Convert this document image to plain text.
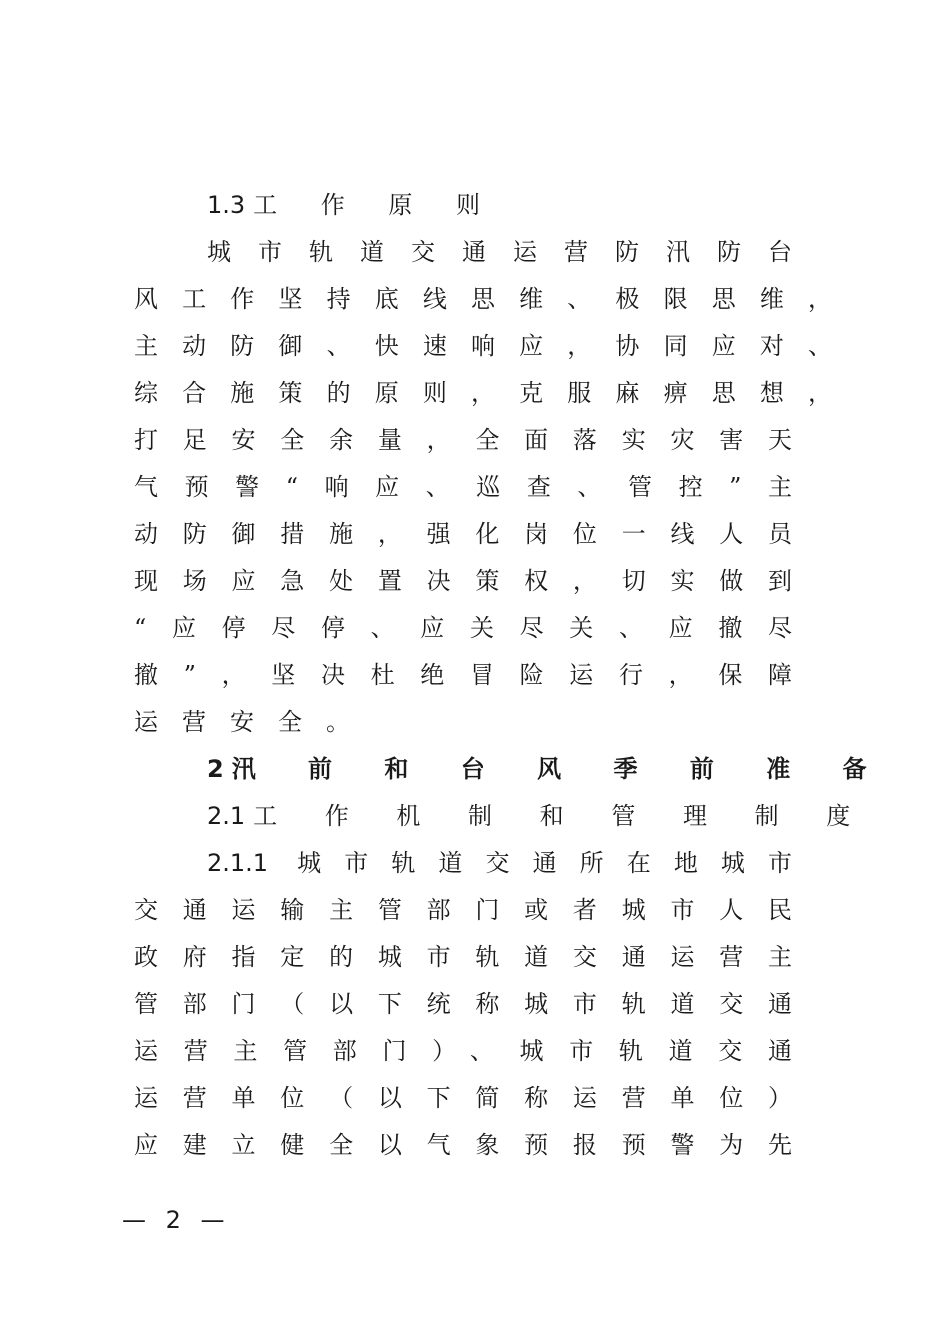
1.3 工 作 原 则
城市轨道交通运营防汛防台
风工作坚持底线思维、极限思维，
主动防御、快速响应，协同应对、
综合施策的原则，克服麻痹思想，
打足安全余量，全面落实灾害天
气预警“响应、巡查、管控”主
动防御措施，强化岗位一线人员
现场应急处置决策权，切实做到
“应停尽停、应关尽关、应撤尽
撤”，坚决杜绝冒险运行，保障
运营安全。
2 汛 前 和 台 风 季 前 准 备
2.1 工 作 机 制 和 管 理 制 度
2.1.1 城市轨道交通所在地城市
交通运输主管部门或者城市人民
政府指定的城市轨道交通运营主
管部门（以下统称城市轨道交通
运营主管部门）、城市轨道交通
运营单位（以下简称运营单位）
应建立健全以气象预报预警为先
— 2 —
